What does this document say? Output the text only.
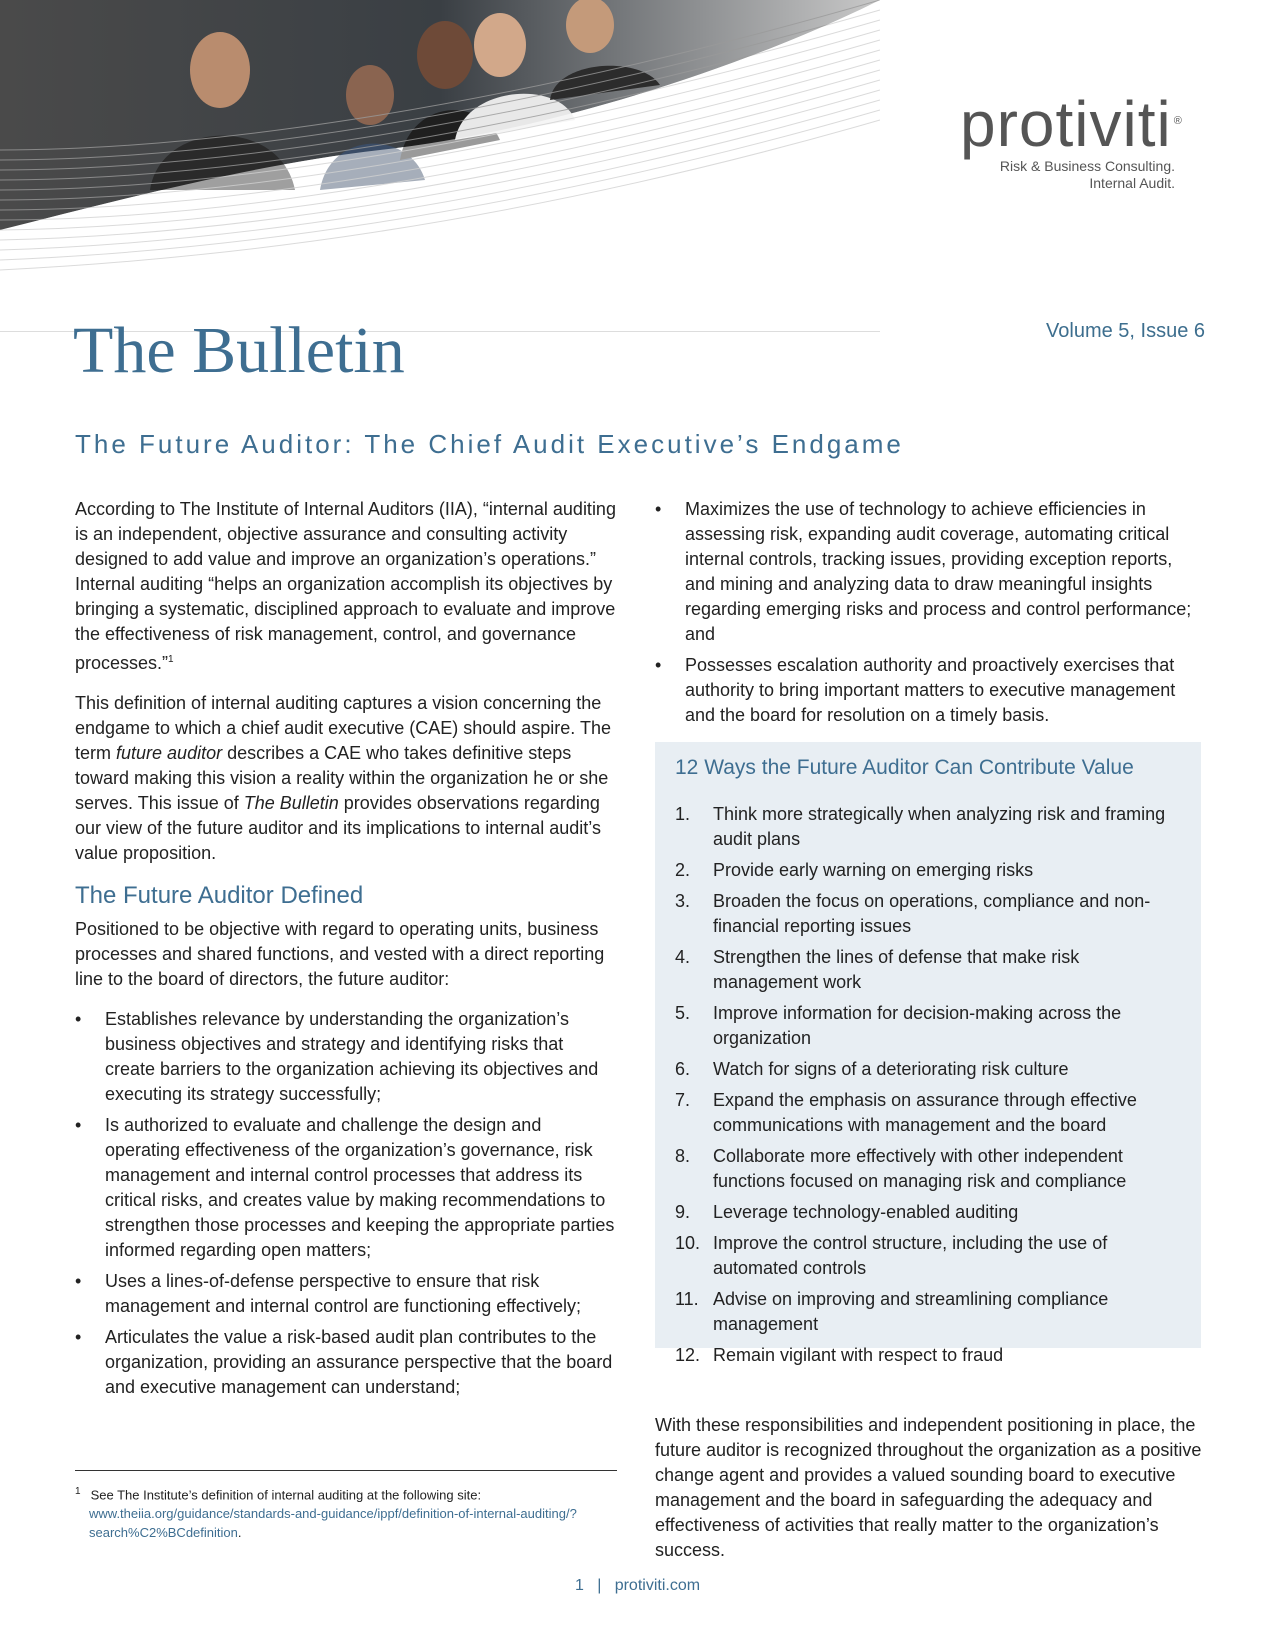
protiviti ®
Risk & Business Consulting.
Internal Audit.
Volume 5, Issue 6
The Bulletin
The Future Auditor: The Chief Audit Executive’s Endgame

According to The Institute of Internal Auditors (IIA), “internal auditing is an independent, objective assurance and consulting activity designed to add value and improve an organization’s operations.” Internal auditing “helps an organization accomplish its objectives by bringing a systematic, disciplined approach to evaluate and improve the effectiveness of risk management, control, and governance processes.”$^1$

This definition of internal auditing captures a vision concerning the endgame to which a chief audit executive (CAE) should aspire. The term future auditor describes a CAE who takes definitive steps toward making this vision a reality within the organization he or she serves. This issue of The Bulletin provides observations regarding our view of the future auditor and its implications to internal audit’s value proposition.

The Future Auditor Defined

Positioned to be objective with regard to operating units, business processes and shared functions, and vested with a direct reporting line to the board of directors, the future auditor:

• Establishes relevance by understanding the organization’s business objectives and strategy and identifying risks that create barriers to the organization achieving its objectives and executing its strategy successfully;
• Is authorized to evaluate and challenge the design and operating effectiveness of the organization’s governance, risk management and internal control processes that address its critical risks, and creates value by making recommendations to strengthen those processes and keeping the appropriate parties informed regarding open matters;
• Uses a lines-of-defense perspective to ensure that risk management and internal control are functioning effectively;
• Articulates the value a risk-based audit plan contributes to the organization, providing an assurance perspective that the board and executive management can understand;
• Maximizes the use of technology to achieve efficiencies in assessing risk, expanding audit coverage, automating critical internal controls, tracking issues, providing exception reports, and mining and analyzing data to draw meaningful insights regarding emerging risks and process and control performance; and
• Possesses escalation authority and proactively exercises that authority to bring important matters to executive management and the board for resolution on a timely basis.
12 Ways the Future Auditor Can Contribute Value
1. Think more strategically when analyzing risk and framing audit plans
2. Provide early warning on emerging risks
3. Broaden the focus on operations, compliance and non-financial reporting issues
4. Strengthen the lines of defense that make risk management work
5. Improve information for decision-making across the organization
6. Watch for signs of a deteriorating risk culture
7. Expand the emphasis on assurance through effective communications with management and the board
8. Collaborate more effectively with other independent functions focused on managing risk and compliance
9. Leverage technology-enabled auditing
10. Improve the control structure, including the use of automated controls
11. Advise on improving and streamlining compliance management
12. Remain vigilant with respect to fraud

With these responsibilities and independent positioning in place, the future auditor is recognized throughout the organization as a positive change agent and provides a valued sounding board to executive management and the board in safeguarding the adequacy and effectiveness of activities that really matter to the organization’s success.

$^1$ See The Institute’s definition of internal auditing at the following site:
www.theiia.org/guidance/standards-and-guidance/ippf/definition-of-internal-auditing/?search%C2%BCdefinition.
1 | protiviti.com
